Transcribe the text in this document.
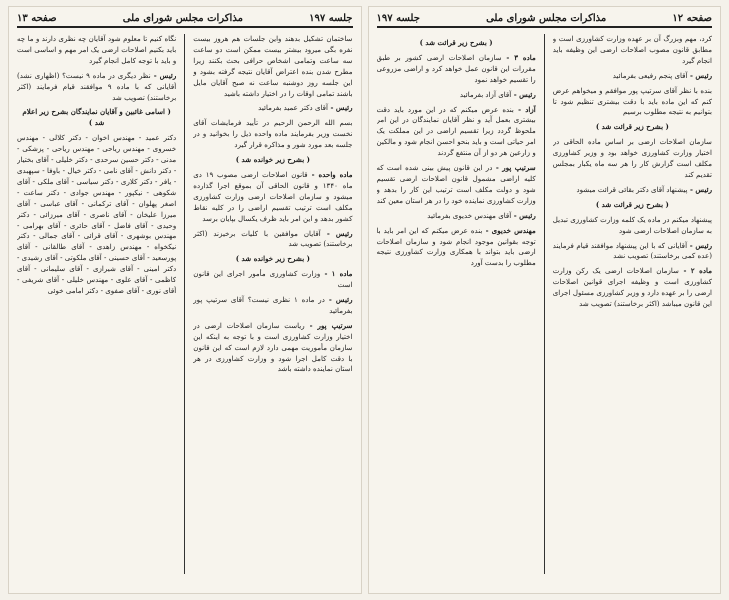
جلسه ۱۹۷
مذاکرات مجلس شورای ملی
صفحه ۱۳

ساختمان تشکیل بدهند واین جلسات هم هروز بیست نفره بگی میرود بیشتر بیست ممکن است دو ساعت سه ساعت وتمامی اشخاص حرافی بحث بکنند زیرا مطرح شدن بنده اعتراض آقایان نتیجه گرفته بشود و این جلسه روز دوشنبه ساعت نه صبح آقایان مایل باشند تمامی اوقات را در اختیار داشته باشید

رئیس - آقای دکتر عمید بفرمائید

بسم الله الرحمن الرحیم در تأیید فرمایشات آقای نخست وزیر بفرمایند ماده واحده ذیل را بخوانید و در جلسه بعد مورد شور و مذاکره قرار گیرد

( بشرح زیر خوانده شد )

ماده واحده - قانون اصلاحات ارضی مصوب ۱۹ دی ماه ۱۳۴۰ و قانون الحاقی آن بموقع اجرا گذارده میشود و سازمان اصلاحات ارضی وزارت کشاورزی مکلف است ترتیب تقسیم اراضی را در کلیه نقاط کشور بدهد و این امر باید ظرف یکسال بپایان برسد

رئیس - آقایان موافقین با کلیات برخیزند (اکثر برخاستند) تصویب شد

( بشرح زیر خوانده شد )

ماده ۱ - وزارت کشاورزی مأمور اجرای این قانون است

رئیس - در ماده ۱ نظری نیست؟ آقای سرتیپ پور بفرمائید

سرتیپ پور - ریاست سازمان اصلاحات ارضی در اختیار وزارت کشاورزی است و با توجه به اینکه این سازمان مأموریت مهمی دارد لازم است که این قانون با دقت کامل اجرا شود و وزارت کشاورزی در هر استان نماینده داشته باشد

نگاه کنیم تا معلوم شود آقایان چه نظری دارند و ما چه باید بکنیم اصلاحات ارضی یک امر مهم و اساسی است و باید با توجه کامل انجام گیرد

رئیس - نظر دیگری در ماده ۹ نیست؟ (اظهاری نشد) آقایانی که با ماده ۹ موافقند قیام فرمایند (اکثر برخاستند) تصویب شد

( اسامی غائبین و آقایان نمایندگان بشرح زیر اعلام شد )

دکتر عمید - مهندس اخوان - دکتر کلالی - مهندس خسروی - مهندس ریاحی - مهندس ریاحی - پزشکی - مدنی - دکتر حسین سرحدی - دکتر خلیلی - آقای بختیار - دکتر دانش - آقای نامی - دکتر خیال - باوفا - سپهبدی - یافر - دکتر کلاری - دکتر سیاسی - آقای ملکی - آقای شکوهی - نیکپور - مهندس جوادی - دکتر ساعت - اصغر پهلوان - آقای ترکمانی - آقای عباسی - آقای میرزا علیخان - آقای ناصری - آقای میرزائی - دکتر وحیدی - آقای فاضل - آقای حائری - آقای بهرامی - مهندس بوشهری - آقای قرائی - آقای جمالی - دکتر نیکخواه - مهندس زاهدی - آقای طالقانی - آقای پورسعید - آقای حسینی - آقای ملکوتی - آقای رشیدی - دکتر امینی - آقای شیرازی - آقای سلیمانی - آقای کاظمی - آقای علوی - مهندس خلیلی - آقای شریفی - آقای نوری - آقای صفوی - دکتر امامی خوئی

صفحه ۱۲
مذاکرات مجلس شورای ملی
جلسه ۱۹۷

کرد، مهم وبزرگ آن بر عهده وزارت کشاورزی است و مطابق قانون مصوب اصلاحات ارضی این وظیفه باید انجام گیرد

رئیس - آقای پنجم رفیعی بفرمائید

بنده با نظر آقای سرتیپ پور موافقم و میخواهم عرض کنم که این ماده باید با دقت بیشتری تنظیم شود تا بتوانیم به نتیجه مطلوب برسیم

( بشرح زیر قرائت شد )

سازمان اصلاحات ارضی بر اساس ماده الحاقی در اختیار وزارت کشاورزی خواهد بود و وزیر کشاورزی مکلف است گزارش کار را هر سه ماه یکبار بمجلس تقدیم کند

رئیس - پیشنهاد آقای دکتر بقائی قرائت میشود

( بشرح زیر قرائت شد )

پیشنهاد میکنم در ماده یک کلمه وزارت کشاورزی تبدیل به سازمان اصلاحات ارضی شود

رئیس - آقایانی که با این پیشنهاد موافقند قیام فرمایند (عده کمی برخاستند) تصویب نشد

ماده ۲ - سازمان اصلاحات ارضی یک رکن وزارت کشاورزی است و وظیفه اجرای قوانین اصلاحات ارضی را بر عهده دارد و وزیر کشاورزی مسئول اجرای این قانون میباشد (اکثر برخاستند) تصویب شد

( بشرح زیر قرائت شد )

ماده ۳ - سازمان اصلاحات ارضی کشور بر طبق مقررات این قانون عمل خواهد کرد و اراضی مزروعی را تقسیم خواهد نمود

رئیس - آقای آزاد بفرمائید

آزاد - بنده عرض میکنم که در این مورد باید دقت بیشتری بعمل آید و نظر آقایان نمایندگان در این امر ملحوظ گردد زیرا تقسیم اراضی در این مملکت یک امر حیاتی است و باید بنحو احسن انجام شود و مالکین و زارعین هر دو از آن منتفع گردند

سرتیپ پور - در این قانون پیش بینی شده است که کلیه اراضی مشمول قانون اصلاحات ارضی تقسیم شود و دولت مکلف است ترتیب این کار را بدهد و وزارت کشاورزی نماینده خود را در هر استان معین کند

رئیس - آقای مهندس خدیوی بفرمائید

مهندس خدیوی - بنده عرض میکنم که این امر باید با توجه بقوانین موجود انجام شود و سازمان اصلاحات ارضی باید بتواند با همکاری وزارت کشاورزی نتیجه مطلوب را بدست آورد
